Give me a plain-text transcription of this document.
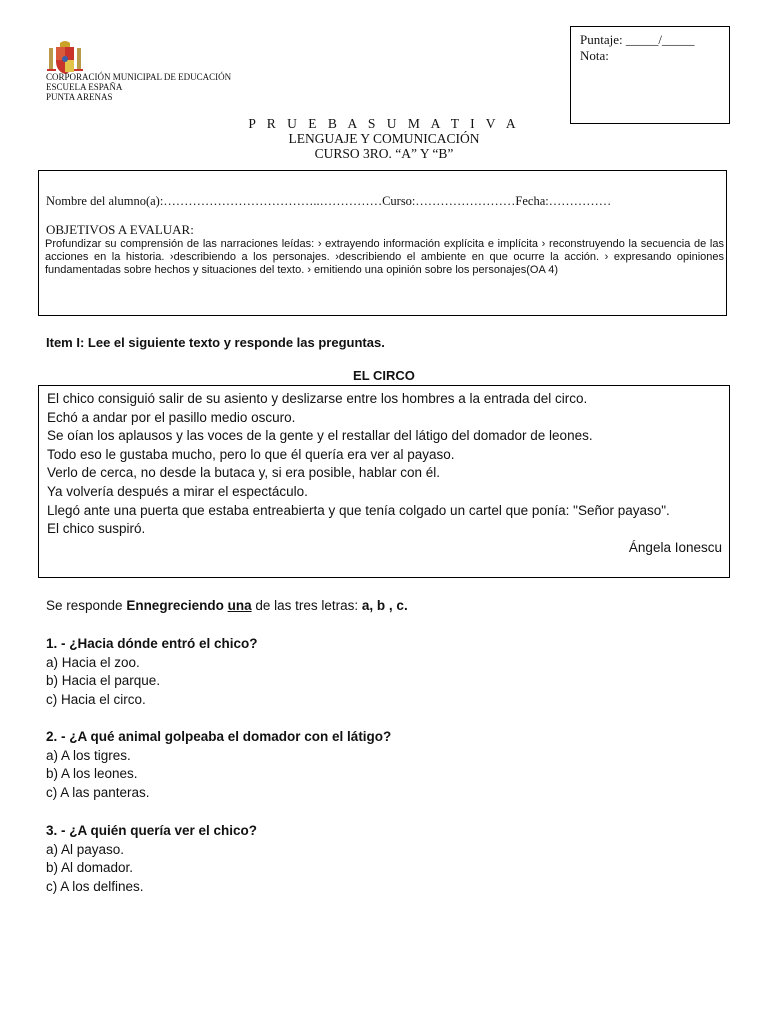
Puntaje: _____/_____
Nota:
CORPORACIÓN MUNICIPAL DE EDUCACIÓN
ESCUELA ESPAÑA
PUNTA ARENAS
P R U E B A S U M A T I V A
LENGUAJE Y COMUNICACIÓN
CURSO 3RO. “A” Y “B”
Nombre del alumno(a):………………………………..……………Curso:……………………Fecha:……………
OBJETIVOS A EVALUAR:
Profundizar su comprensión de las narraciones leídas: › extrayendo información explícita e implícita › reconstruyendo la secuencia de las acciones en la historia. ›describiendo a los personajes. ›describiendo el ambiente en que ocurre la acción. › expresando opiniones fundamentadas sobre hechos y situaciones del texto. › emitiendo una opinión sobre los personajes(OA 4)
Item I: Lee el siguiente texto y responde las preguntas.
EL CIRCO

El chico consiguió salir de su asiento y deslizarse entre los hombres a la entrada del circo.

Echó a andar por el pasillo medio oscuro.

Se oían los aplausos y las voces de la gente y el restallar del látigo del domador de leones.

Todo eso le gustaba mucho, pero lo que él quería era ver al payaso.

Verlo de cerca, no desde la butaca y, si era posible, hablar con él.

Ya volvería después a mirar el espectáculo.

Llegó ante una puerta que estaba entreabierta y que tenía colgado un cartel que ponía: "Señor payaso".

El chico suspiró.

Ángela Ionescu

Se responde Ennegreciendo una de las tres letras: a, b , c.
1. - ¿Hacia dónde entró el chico?
a) Hacia el zoo.
b) Hacia el parque.
c) Hacia el circo.
2. - ¿A qué animal golpeaba el domador con el látigo?
a) A los tigres.
b) A los leones.
c) A las panteras.
3. - ¿A quién quería ver el chico?
a) Al payaso.
b) Al domador.
c) A los delfines.
